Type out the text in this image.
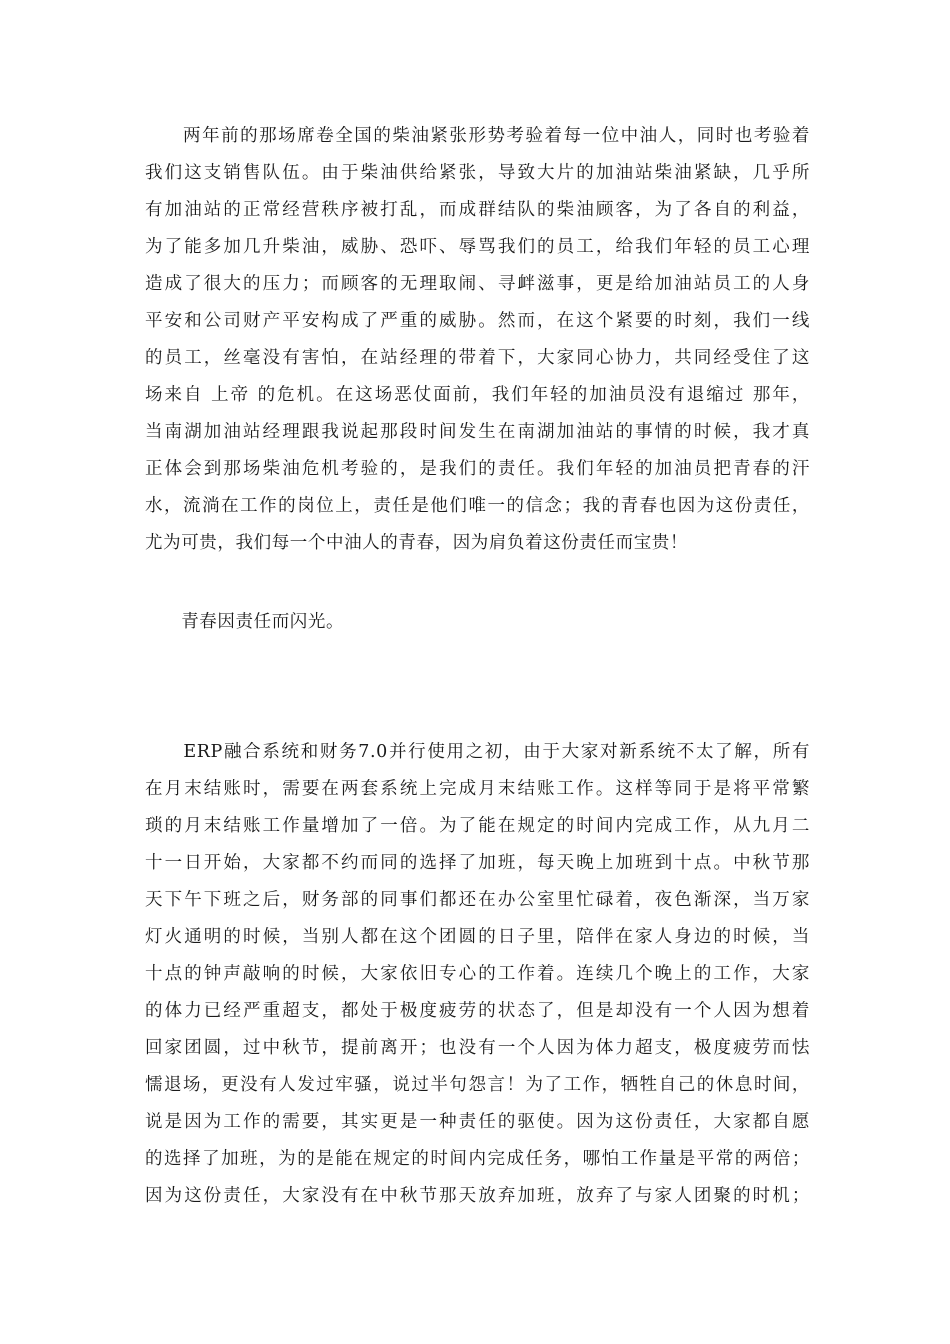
　　两年前的那场席卷全国的柴油紧张形势考验着每一位中油人，同时也考验着
我们这支销售队伍。由于柴油供给紧张，导致大片的加油站柴油紧缺，几乎所
有加油站的正常经营秩序被打乱，而成群结队的柴油顾客，为了各自的利益，
为了能多加几升柴油，威胁、恐吓、辱骂我们的员工，给我们年轻的员工心理
造成了很大的压力；而顾客的无理取闹、寻衅滋事，更是给加油站员工的人身
平安和公司财产平安构成了严重的威胁。然而，在这个紧要的时刻，我们一线
的员工，丝毫没有害怕，在站经理的带着下，大家同心协力，共同经受住了这
场来自 上帝 的危机。在这场恶仗面前，我们年轻的加油员没有退缩过 那年，
当南湖加油站经理跟我说起那段时间发生在南湖加油站的事情的时候，我才真
正体会到那场柴油危机考验的，是我们的责任。我们年轻的加油员把青春的汗
水，流淌在工作的岗位上，责任是他们唯一的信念；我的青春也因为这份责任，
尤为可贵，我们每一个中油人的青春，因为肩负着这份责任而宝贵！
　　青春因责任而闪光。
　　ERP融合系统和财务7.0并行使用之初，由于大家对新系统不太了解，所有
在月末结账时，需要在两套系统上完成月末结账工作。这样等同于是将平常繁
琐的月末结账工作量增加了一倍。为了能在规定的时间内完成工作，从九月二
十一日开始，大家都不约而同的选择了加班，每天晚上加班到十点。中秋节那
天下午下班之后，财务部的同事们都还在办公室里忙碌着，夜色渐深，当万家
灯火通明的时候，当别人都在这个团圆的日子里，陪伴在家人身边的时候，当
十点的钟声敲响的时候，大家依旧专心的工作着。连续几个晚上的工作，大家
的体力已经严重超支，都处于极度疲劳的状态了，但是却没有一个人因为想着
回家团圆，过中秋节，提前离开；也没有一个人因为体力超支，极度疲劳而怯
懦退场，更没有人发过牢骚，说过半句怨言！为了工作，牺牲自己的休息时间，
说是因为工作的需要，其实更是一种责任的驱使。因为这份责任，大家都自愿
的选择了加班，为的是能在规定的时间内完成任务，哪怕工作量是平常的两倍；
因为这份责任，大家没有在中秋节那天放弃加班，放弃了与家人团聚的时机；
